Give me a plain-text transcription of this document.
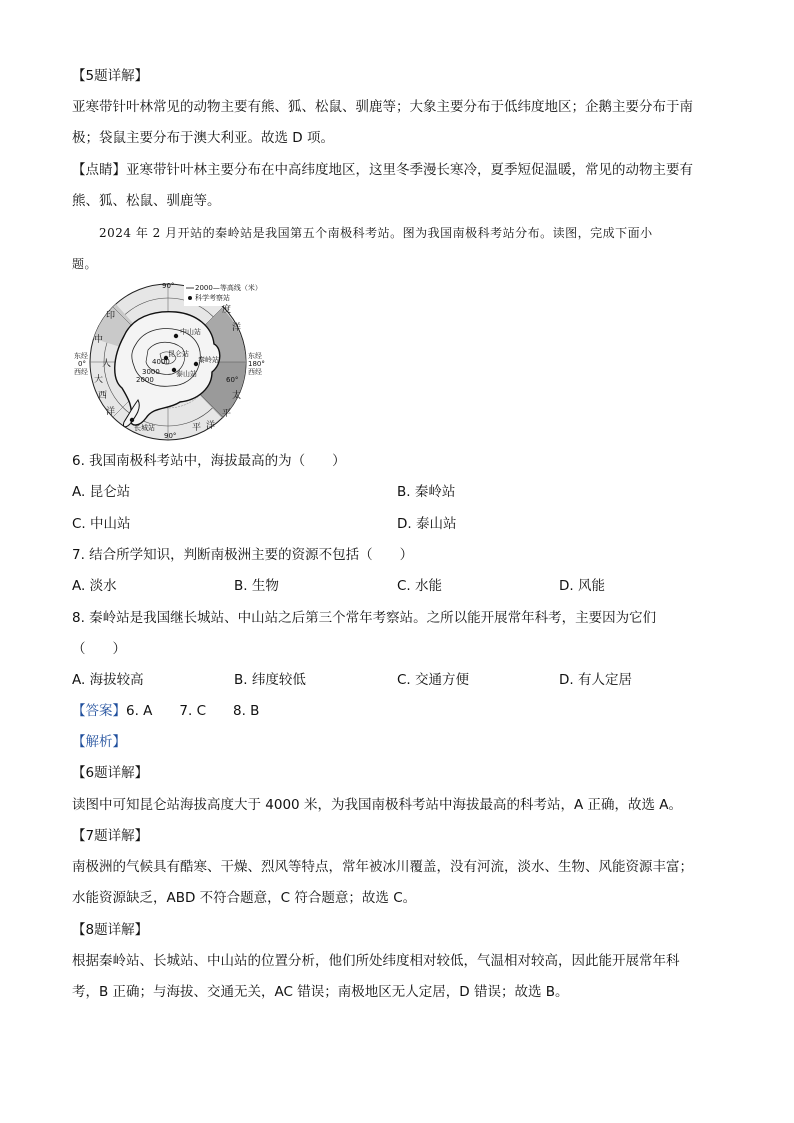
【5题详解】
亚寒带针叶林常见的动物主要有熊、狐、松鼠、驯鹿等；大象主要分布于低纬度地区；企鹅主要分布于南
极；袋鼠主要分布于澳大利亚。故选 D 项。
【点睛】亚寒带针叶林主要分布在中高纬度地区，这里冬季漫长寒冷，夏季短促温暖，常见的动物主要有
熊、狐、松鼠、驯鹿等。
2024 年 2 月开站的秦岭站是我国第五个南极科考站。图为我国南极科考站分布。读图，完成下面小
题。
2000—等高线（米）
科学考察站
90°
90°
东经
0°
西经
东经
180°
西经
60°
印
度
洋
太
平
洋
大
西
洋
平
中
人
中山站
昆仑站
泰山站
秦岭站
长城站
4000
3000
2000
6. 我国南极科考站中，海拔最高的为（　　）
A. 昆仑站	B. 秦岭站
C. 中山站	D. 泰山站
7. 结合所学知识，判断南极洲主要的资源不包括（　　）
A. 淡水	B. 生物	C. 水能	D. 风能
8. 秦岭站是我国继长城站、中山站之后第三个常年考察站。之所以能开展常年科考，主要因为它们
（　　）
A. 海拔较高	B. 纬度较低	C. 交通方便	D. 有人定居
【答案】6. A　　7. C　　8. B
【解析】
【6题详解】
读图中可知昆仑站海拔高度大于 4000 米，为我国南极科考站中海拔最高的科考站，A 正确，故选 A。
【7题详解】
南极洲的气候具有酷寒、干燥、烈风等特点，常年被冰川覆盖，没有河流，淡水、生物、风能资源丰富；
水能资源缺乏，ABD 不符合题意，C 符合题意；故选 C。
【8题详解】
根据秦岭站、长城站、中山站的位置分析，他们所处纬度相对较低，气温相对较高，因此能开展常年科
考，B 正确；与海拔、交通无关，AC 错误；南极地区无人定居，D 错误；故选 B。
